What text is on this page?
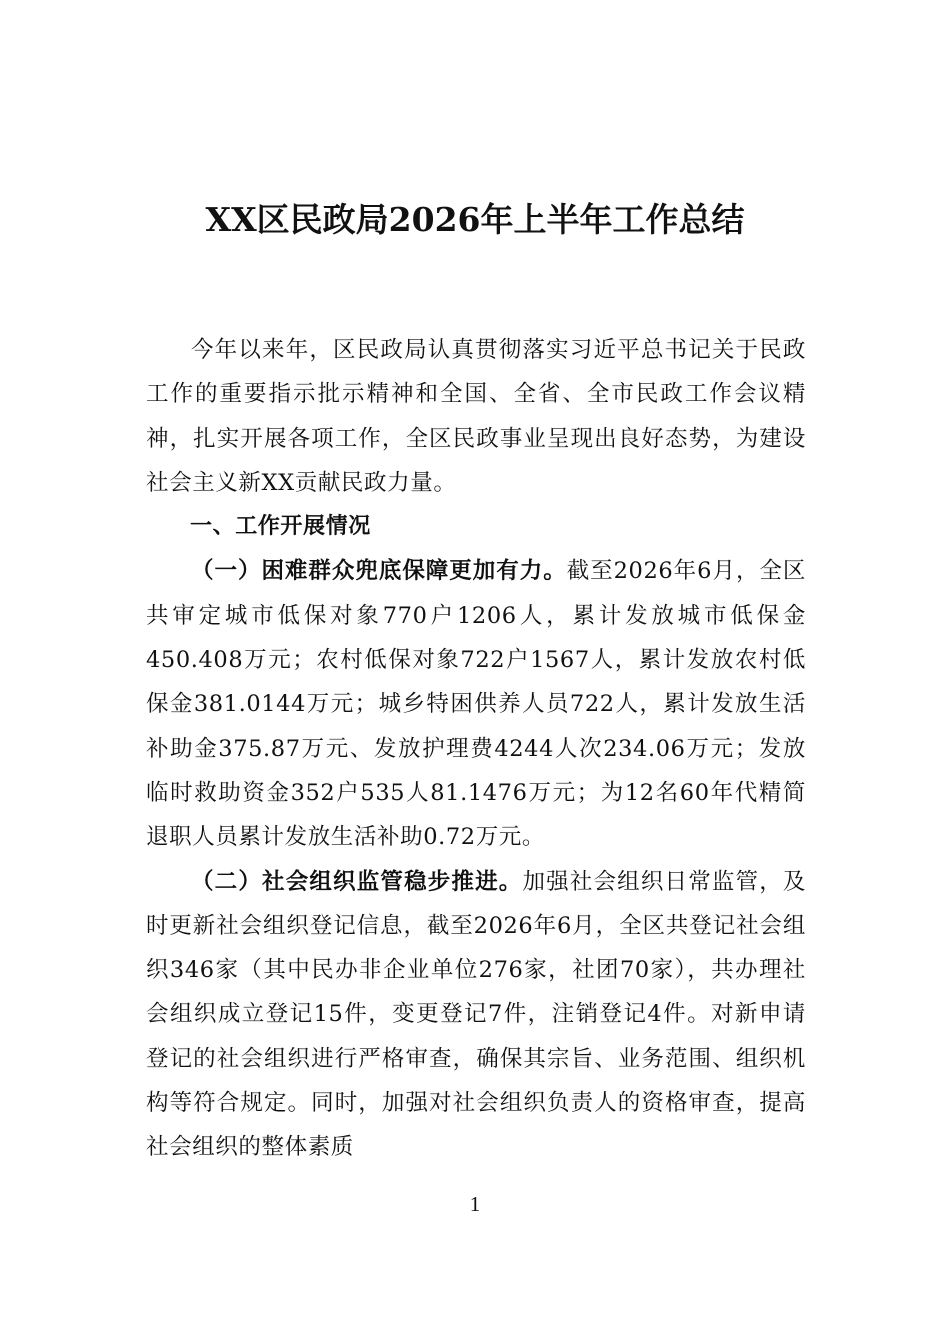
XX区民政局2026年上半年工作总结

今年以来年，区民政局认真贯彻落实习近平总书记关于民政工作的重要指示批示精神和全国、全省、全市民政工作会议精神，扎实开展各项工作，全区民政事业呈现出良好态势，为建设社会主义新XX贡献民政力量。

一、工作开展情况

（一）困难群众兜底保障更加有力。截至2026年6月，全区共审定城市低保对象770户1206人，累计发放城市低保金450.408万元；农村低保对象722户1567人，累计发放农村低保金381.0144万元；城乡特困供养人员722人，累计发放生活补助金375.87万元、发放护理费4244人次234.06万元；发放临时救助资金352户535人81.1476万元；为12名60年代精简退职人员累计发放生活补助0.72万元。

（二）社会组织监管稳步推进。加强社会组织日常监管，及时更新社会组织登记信息，截至2026年6月，全区共登记社会组织346家（其中民办非企业单位276家，社团70家），共办理社会组织成立登记15件，变更登记7件，注销登记4件。对新申请登记的社会组织进行严格审查，确保其宗旨、业务范围、组织机构等符合规定。同时，加强对社会组织负责人的资格审查，提高社会组织的整体素质

1
